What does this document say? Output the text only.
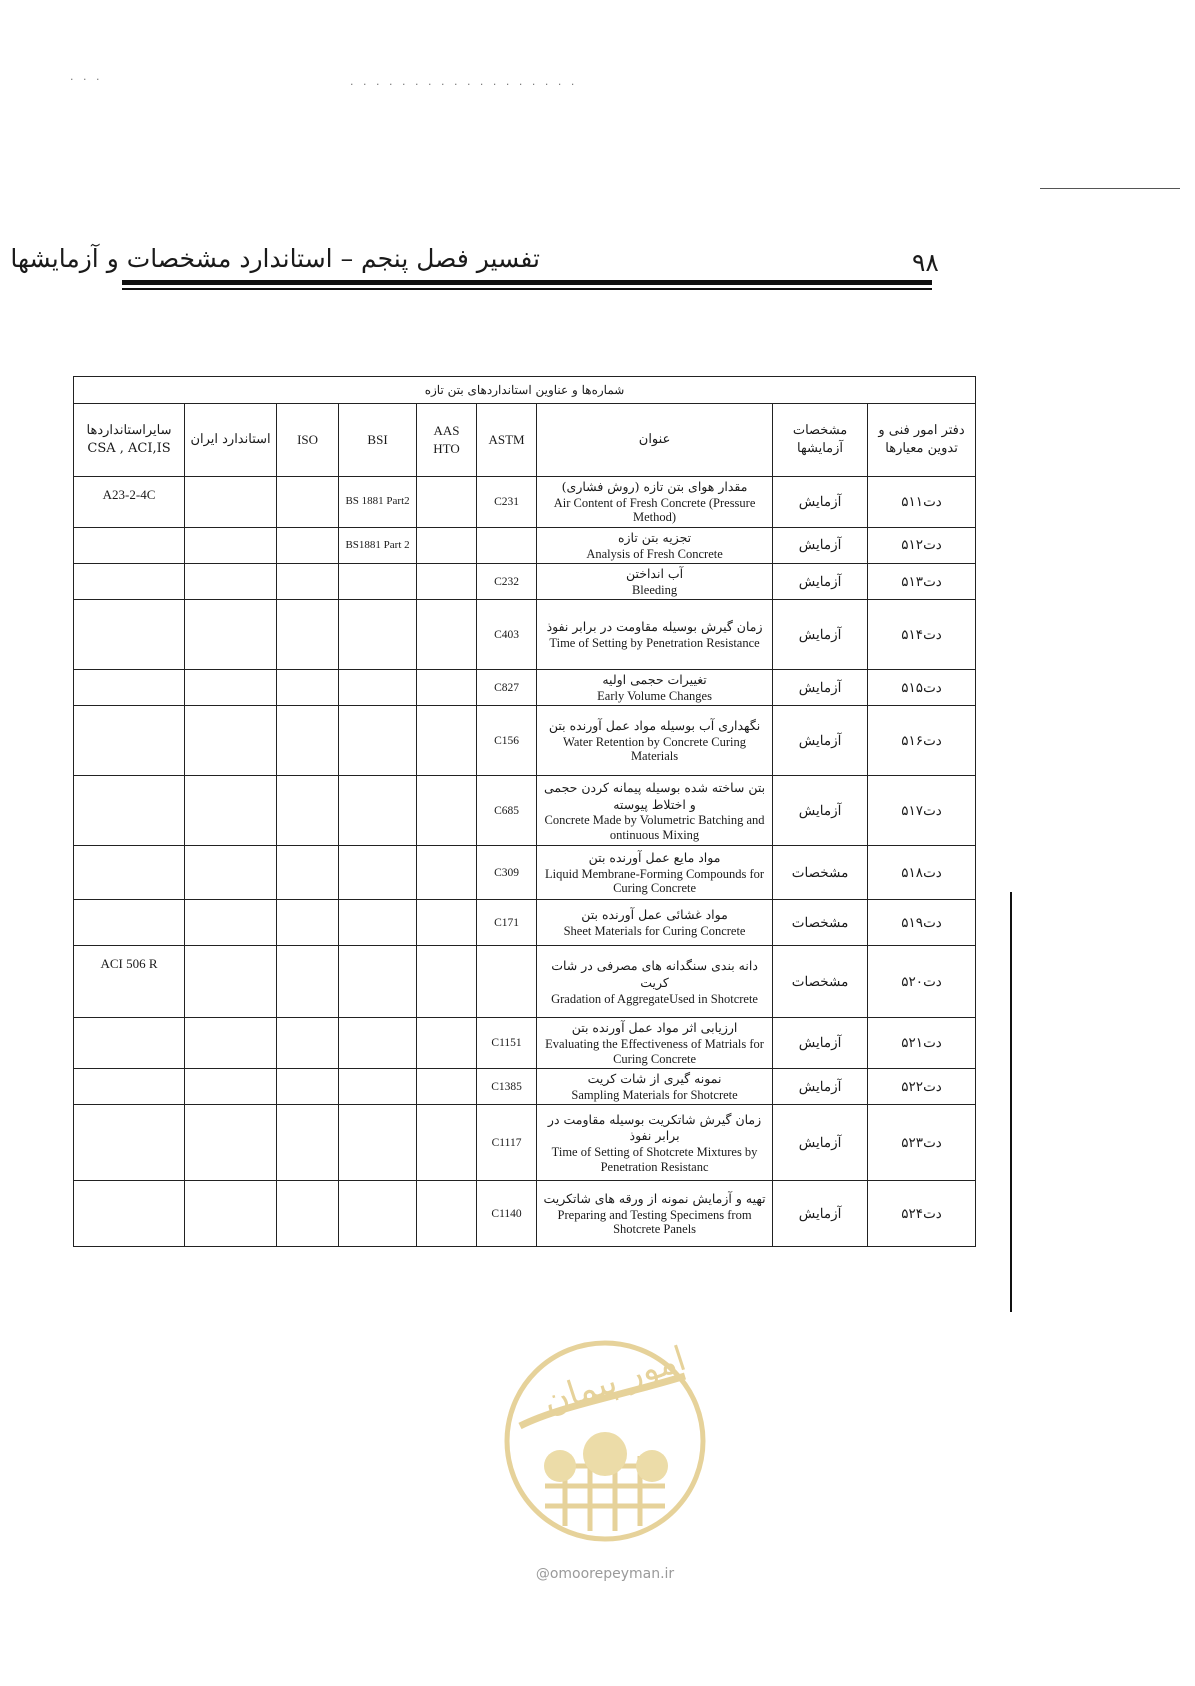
. . .	. . . . . . . . . . . . . . . . . .
۹۸
تفسیر فصل پنجم – استاندارد مشخصات و آزمایشها
شماره‌ها و عناوین استانداردهای بتن تازه								
دفتر امور فنی و تدوین معیارها	مشخصات آزمایشها	عنوان	ASTM	AAS HTO	BSI	ISO	استاندارد ایران	سایراستانداردها CSA , ACI,IS
دت۵۱۱	آزمایش	مقدار هوای بتن تازه (روش فشاری)
Air Content of Fresh Concrete (Pressure Method)	C231		BS 1881 Part2			A23-2-4C
دت۵۱۲	آزمایش	تجزیه بتن تازه
Analysis of Fresh Concrete			BS1881 Part 2			
دت۵۱۳	آزمایش	آب انداختن
Bleeding	C232					
دت۵۱۴	آزمایش	زمان گیرش بوسیله مقاومت در برابر نفوذ
Time of Setting by Penetration Resistance	C403					
دت۵۱۵	آزمایش	تغییرات حجمی اولیه
Early Volume Changes	C827					
دت۵۱۶	آزمایش	نگهداری آب بوسیله مواد عمل آورنده بتن
Water Retention by Concrete Curing Materials	C156					
دت۵۱۷	آزمایش	بتن ساخته شده بوسیله پیمانه کردن حجمی و اختلاط پیوسته
Concrete Made by Volumetric Batching and ontinuous Mixing	C685					
دت۵۱۸	مشخصات	مواد مایع عمل آورنده بتن
Liquid Membrane-Forming Compounds for Curing Concrete	C309					
دت۵۱۹	مشخصات	مواد غشائی عمل آورنده بتن
Sheet Materials for Curing Concrete	C171					
دت۵۲۰	مشخصات	دانه بندی سنگدانه های مصرفی در شات کریت
Gradation of AggregateUsed in Shotcrete						ACI 506 R
دت۵۲۱	آزمایش	ارزیابی اثر مواد عمل آورنده بتن
Evaluating the Effectiveness of Matrials for Curing Concrete	C1151					
دت۵۲۲	آزمایش	نمونه گیری از شات کریت
Sampling Materials for Shotcrete	C1385					
دت۵۲۳	آزمایش	زمان گیرش شاتکریت بوسیله مقاومت در برابر نفوذ
Time of Setting of Shotcrete Mixtures by Penetration Resistanc	C1117					
دت۵۲۴	آزمایش	تهیه و آزمایش نمونه از ورقه های شاتکریت
Preparing and Testing Specimens from Shotcrete Panels	C1140					
امور پیمان
@omoorepeyman.ir
